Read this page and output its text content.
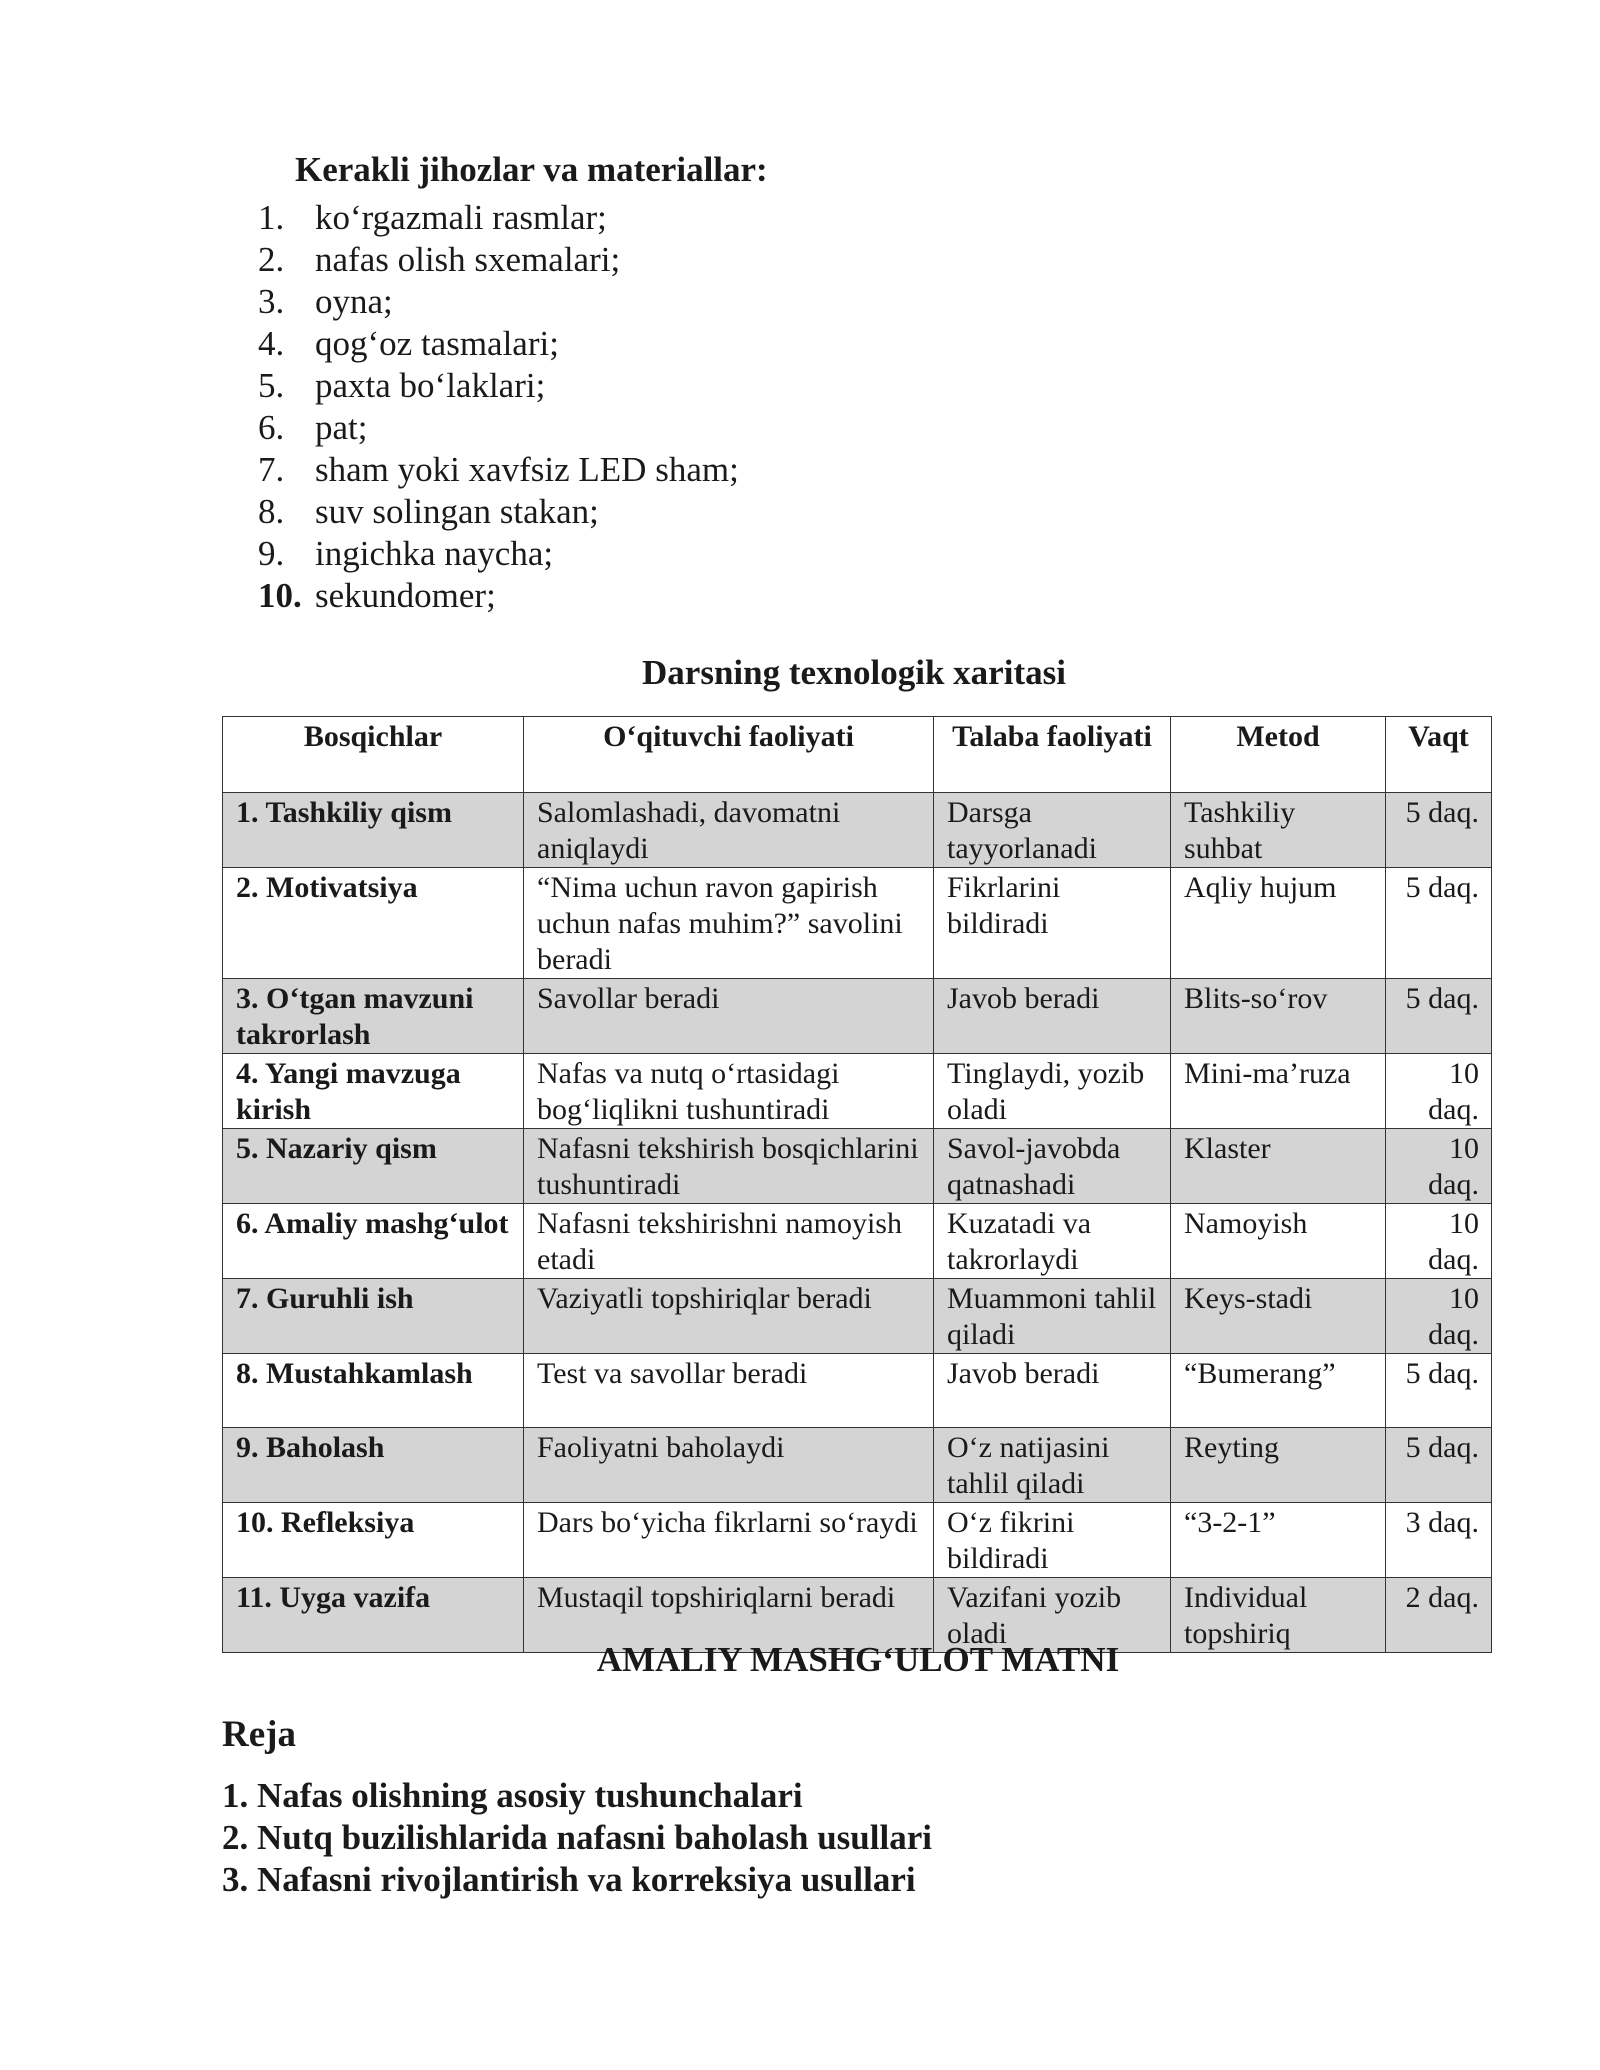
Kerakli jihozlar va materiallar:
1. ko‘rgazmali rasmlar;
2. nafas olish sxemalari;
3. oyna;
4. qog‘oz tasmalari;
5. paxta bo‘laklari;
6. pat;
7. sham yoki xavfsiz LED sham;
8. suv solingan stakan;
9. ingichka naycha;
10. sekundomer;
Darsning texnologik xaritasi
Bosqichlar	O‘qituvchi faoliyati	Talaba faoliyati	Metod	Vaqt
1. Tashkiliy qism	Salomlashadi, davomatni aniqlaydi	Darsga tayyorlanadi	Tashkiliy suhbat	5 daq.
2. Motivatsiya	“Nima uchun ravon gapirish uchun nafas muhim?” savolini beradi	Fikrlarini bildiradi	Aqliy hujum	5 daq.
3. O‘tgan mavzuni takrorlash	Savollar beradi	Javob beradi	Blits-so‘rov	5 daq.
4. Yangi mavzuga kirish	Nafas va nutq o‘rtasidagi bog‘liqlikni tushuntiradi	Tinglaydi, yozib oladi	Mini-ma’ruza	10 daq.
5. Nazariy qism	Nafasni tekshirish bosqichlarini tushuntiradi	Savol-javobda qatnashadi	Klaster	10 daq.
6. Amaliy mashg‘ulot	Nafasni tekshirishni namoyish etadi	Kuzatadi va takrorlaydi	Namoyish	10 daq.
7. Guruhli ish	Vaziyatli topshiriqlar beradi	Muammoni tahlil qiladi	Keys-stadi	10 daq.
8. Mustahkamlash	Test va savollar beradi	Javob beradi	“Bumerang”	5 daq.
9. Baholash	Faoliyatni baholaydi	O‘z natijasini tahlil qiladi	Reyting	5 daq.
10. Refleksiya	Dars bo‘yicha fikrlarni so‘raydi	O‘z fikrini bildiradi	“3-2-1”	3 daq.
11. Uyga vazifa	Mustaqil topshiriqlarni beradi	Vazifani yozib oladi	Individual topshiriq	2 daq.
AMALIY MASHG‘ULOT MATNI
Reja
1. Nafas olishning asosiy tushunchalari
2. Nutq buzilishlarida nafasni baholash usullari
3. Nafasni rivojlantirish va korreksiya usullari
